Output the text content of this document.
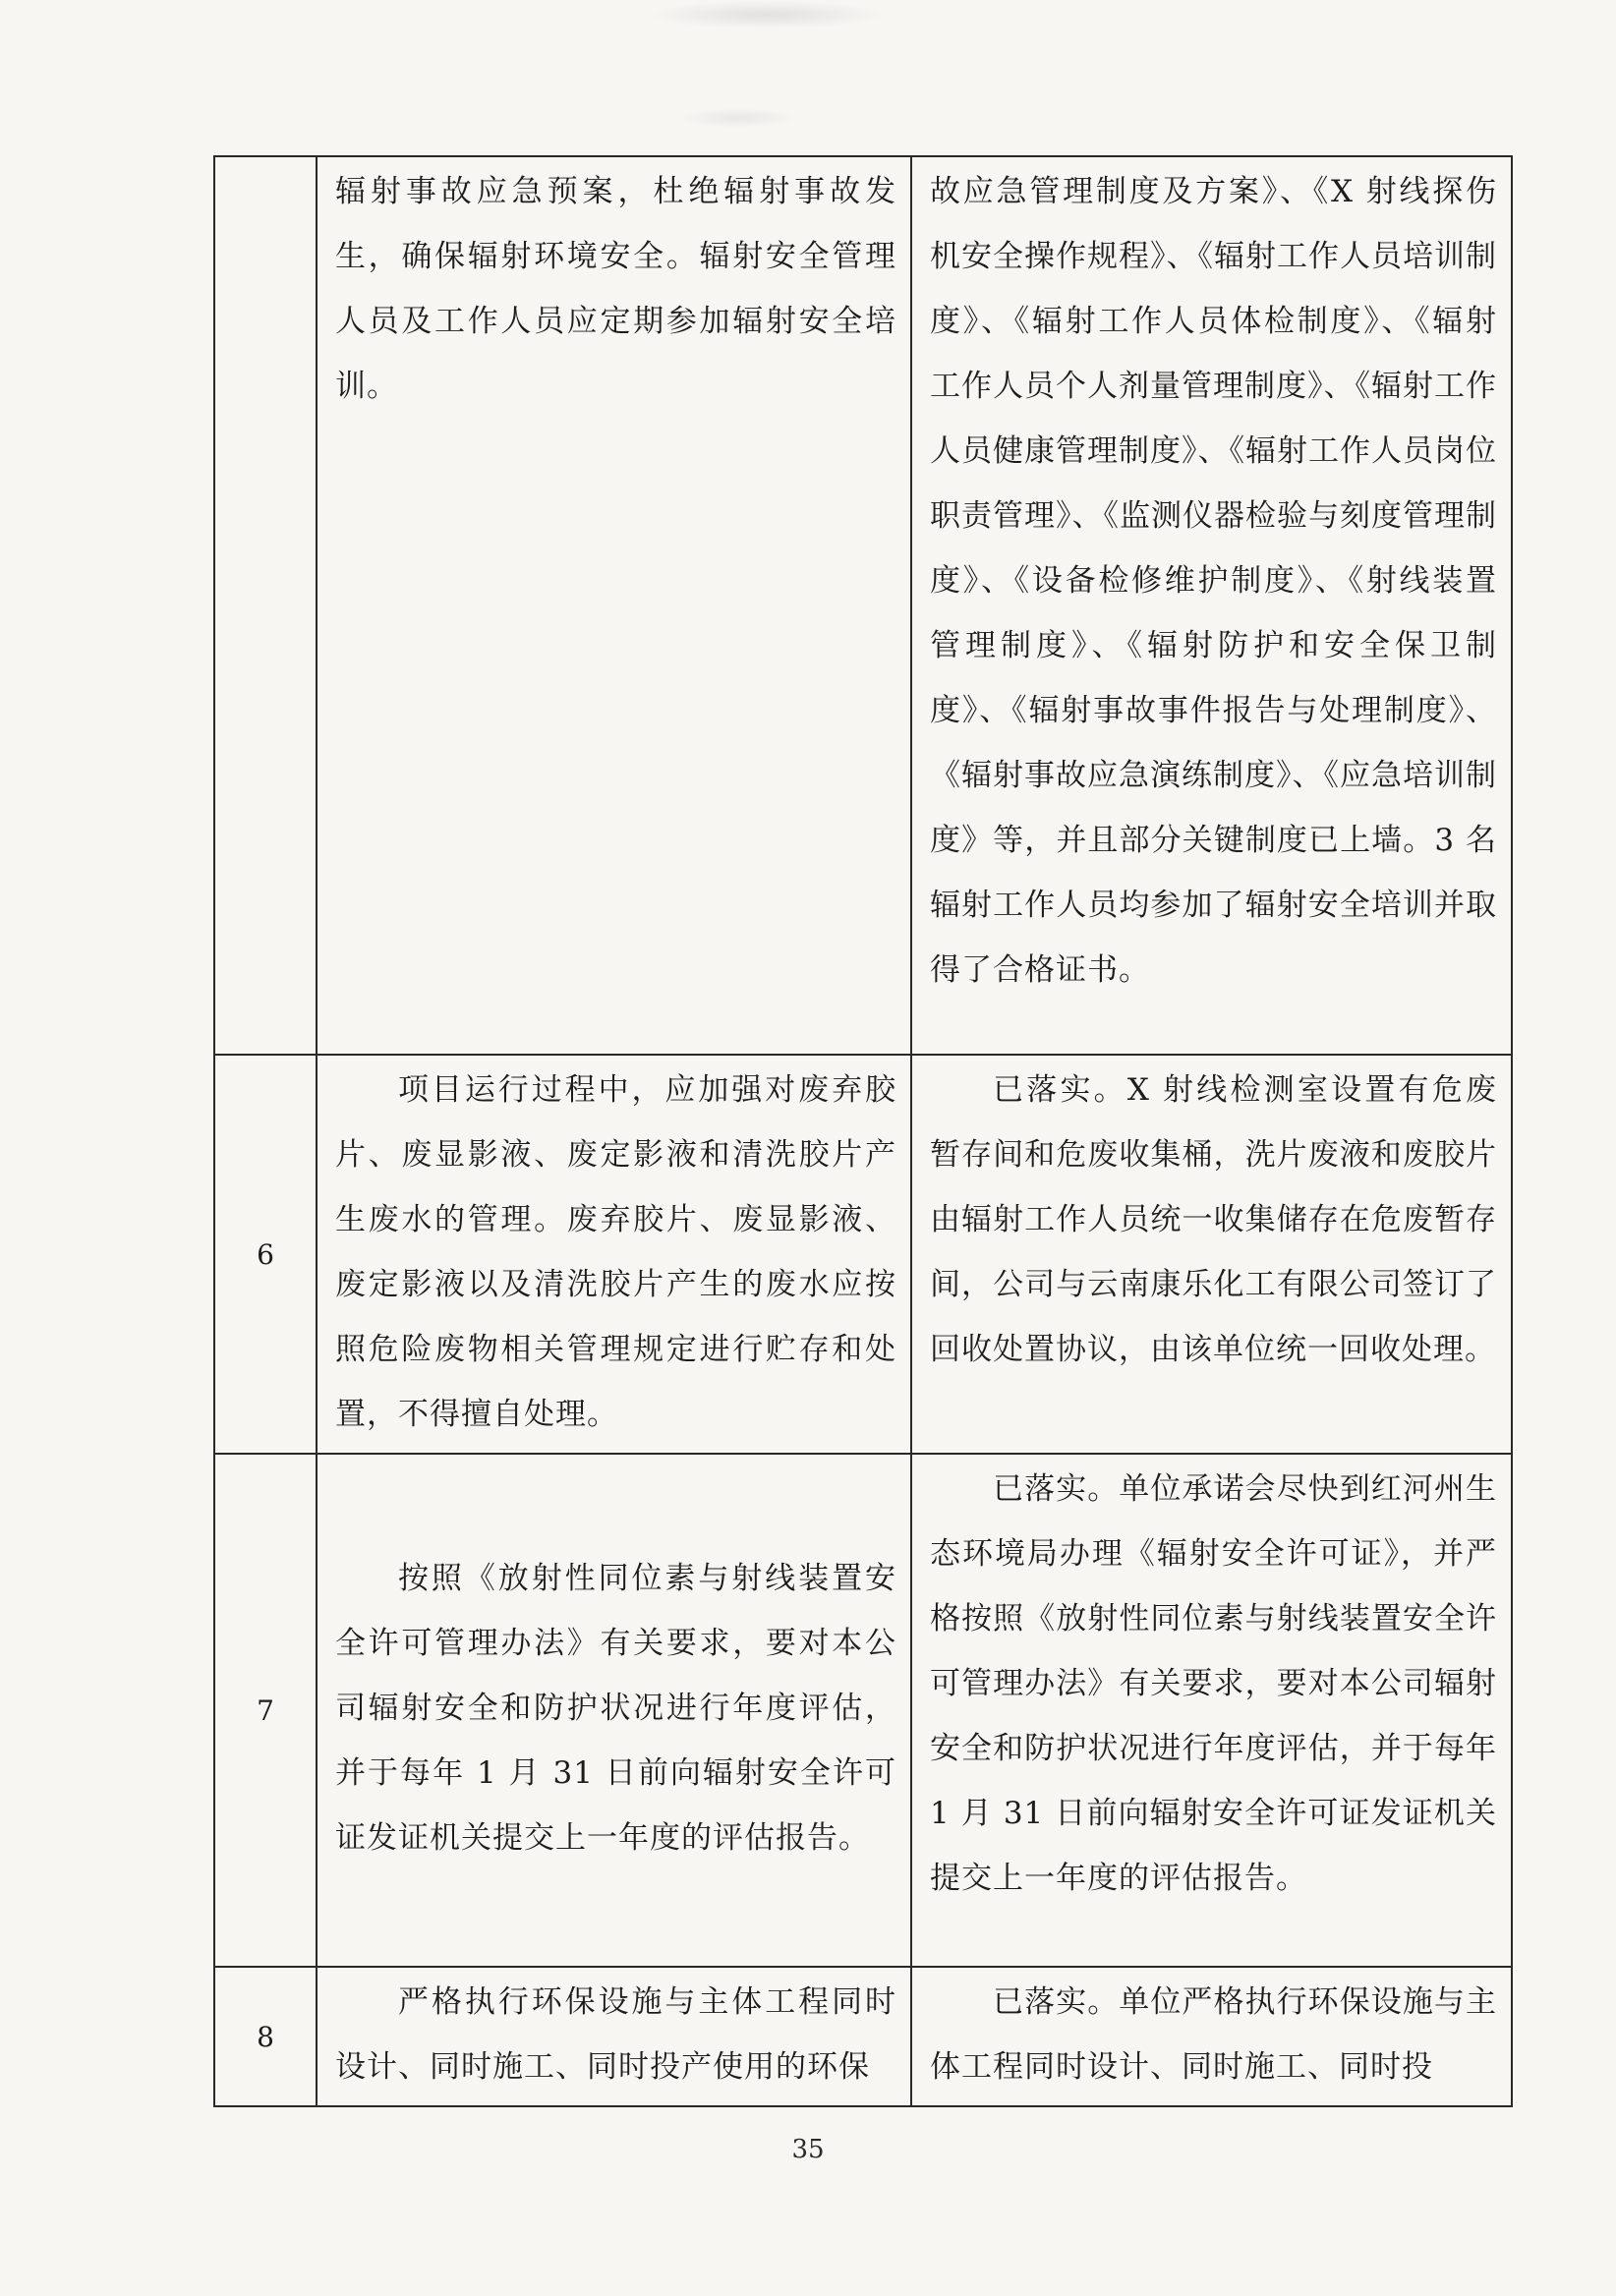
	辐射事故应急预案，杜绝辐射事故发生，确保辐射环境安全。辐射安全管理人员及工作人员应定期参加辐射安全培训。	故应急管理制度及方案》、《X 射线探伤机安全操作规程》、《辐射工作人员培训制度》、《辐射工作人员体检制度》、《辐射工作人员个人剂量管理制度》、《辐射工作人员健康管理制度》、《辐射工作人员岗位职责管理》、《监测仪器检验与刻度管理制度》、《设备检修维护制度》、《射线装置管理制度》、《辐射防护和安全保卫制度》、《辐射事故事件报告与处理制度》、《辐射事故应急演练制度》、《应急培训制度》等，并且部分关键制度已上墙。3 名辐射工作人员均参加了辐射安全培训并取得了合格证书。

6	项目运行过程中，应加强对废弃胶片、废显影液、废定影液和清洗胶片产生废水的管理。废弃胶片、废显影液、废定影液以及清洗胶片产生的废水应按照危险废物相关管理规定进行贮存和处置，不得擅自处理。	已落实。X 射线检测室设置有危废暂存间和危废收集桶，洗片废液和废胶片由辐射工作人员统一收集储存在危废暂存间，公司与云南康乐化工有限公司签订了回收处置协议，由该单位统一回收处理。

7	按照《放射性同位素与射线装置安全许可管理办法》有关要求，要对本公司辐射安全和防护状况进行年度评估，并于每年 1 月 31 日前向辐射安全许可证发证机关提交上一年度的评估报告。	已落实。单位承诺会尽快到红河州生态环境局办理《辐射安全许可证》，并严格按照《放射性同位素与射线装置安全许可管理办法》有关要求，要对本公司辐射安全和防护状况进行年度评估，并于每年 1 月 31 日前向辐射安全许可证发证机关提交上一年度的评估报告。

8	严格执行环保设施与主体工程同时设计、同时施工、同时投产使用的环保	已落实。单位严格执行环保设施与主体工程同时设计、同时施工、同时投
35
